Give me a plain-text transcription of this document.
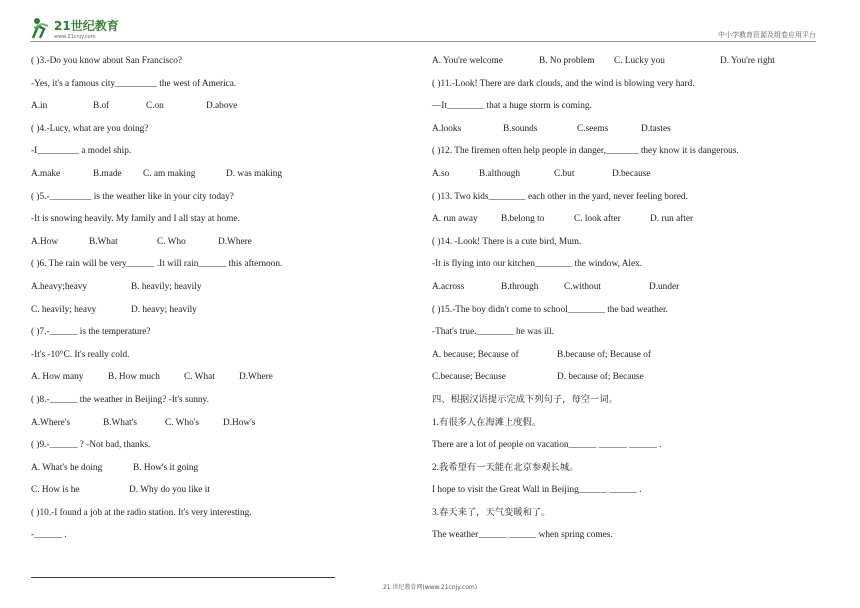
21世纪教育
www.21cnjy.com	中小学教育资源及组卷应用平台
( )3.-Do you know about San Francisco?
-Yes, it's a famous city_________ the west of America.
A.in	B.of	C.on	D.above
( )4.-Lucy, what are you doing?
-I_________ a model ship.
A.make	B.made C. am making	D. was making
( )5.-_________ is the weather like in your city today?
-It is snowing heavily. My family and I all stay at home.
A.How	B.What	C. Who	D.Where
( )6. The rain will be very______ .It will rain______ this afternoon.
A.heavy;heavy	B. heavily; heavily
C. heavily; heavy	D. heavy; heavily
( )7.-______ is the temperature?
-It's -10°C. It's really cold.
A. How many	B. How much	C. What	D.Where
( )8.-______ the weather in Beijing? -It's sunny.
A.Where's	B.What's	C. Who's	D.How's
( )9.-______ ? -Not bad, thanks.
A. What's he doing	B. How's it going
C. How is he	D. Why do you like it
( )10.-I found a job at the radio station. It's very interesting.
-______ .
A. You're welcome	B. No problem C. Lucky you	D. You're right
( )11.-Look! There are dark clouds, and the wind is blowing very hard.
—It________ that a huge storm is coming.
A.looks	B.sounds	C.seems	D.tastes
( )12. The firemen often help people in danger,_______ they know it is dangerous.
A.so	B.although	C.but	D.because
( )13. Two kids________ each other in the yard, never feeling bored.
A. run away	B.belong to	C. look after	D. run after
( )14. -Look! There is a cute bird, Mum.
-It is flying into our kitchen________ the window, Alex.
A.across	B.through	C.without	D.under
( )15.-The boy didn't come to school________ the bad weather.
-That's true.________ he was ill.
A. because; Because of	B.because of; Because of
C.because; Because	D. because of; Because
四、根据汉语提示完成下列句子，每空一词。
1.有很多人在海滩上度假。
There are a lot of people on vacation______ ______ ______ .
2.我希望有一天能在北京参观长城。
I hope to visit the Great Wall in Beijing______ ______ .
3.春天来了，天气变暖和了。
The weather______ ______ when spring comes.
21 世纪教育网(www.21cnjy.com)
